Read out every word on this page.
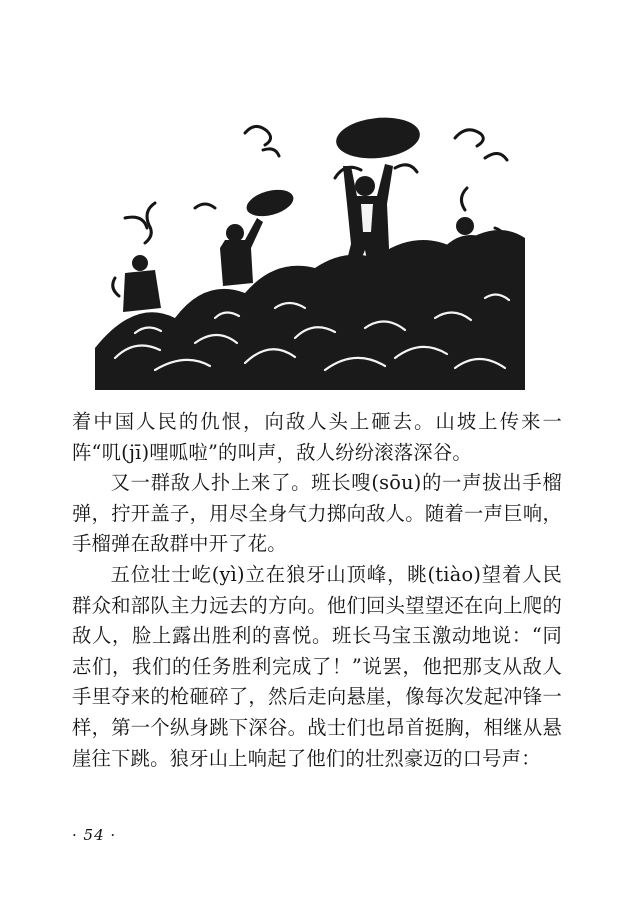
着中国人民的仇恨，向敌人头上砸去。山坡上传来一阵“叽(jī)哩呱啦”的叫声，敌人纷纷滚落深谷。

又一群敌人扑上来了。班长嗖(sōu)的一声拔出手榴弹，拧开盖子，用尽全身气力掷向敌人。随着一声巨响，手榴弹在敌群中开了花。

五位壮士屹(yì)立在狼牙山顶峰，眺(tiào)望着人民群众和部队主力远去的方向。他们回头望望还在向上爬的敌人，脸上露出胜利的喜悦。班长马宝玉激动地说：“同志们，我们的任务胜利完成了！”说罢，他把那支从敌人手里夺来的枪砸碎了，然后走向悬崖，像每次发起冲锋一样，第一个纵身跳下深谷。战士们也昂首挺胸，相继从悬崖往下跳。狼牙山上响起了他们的壮烈豪迈的口号声：

· 54 ·
